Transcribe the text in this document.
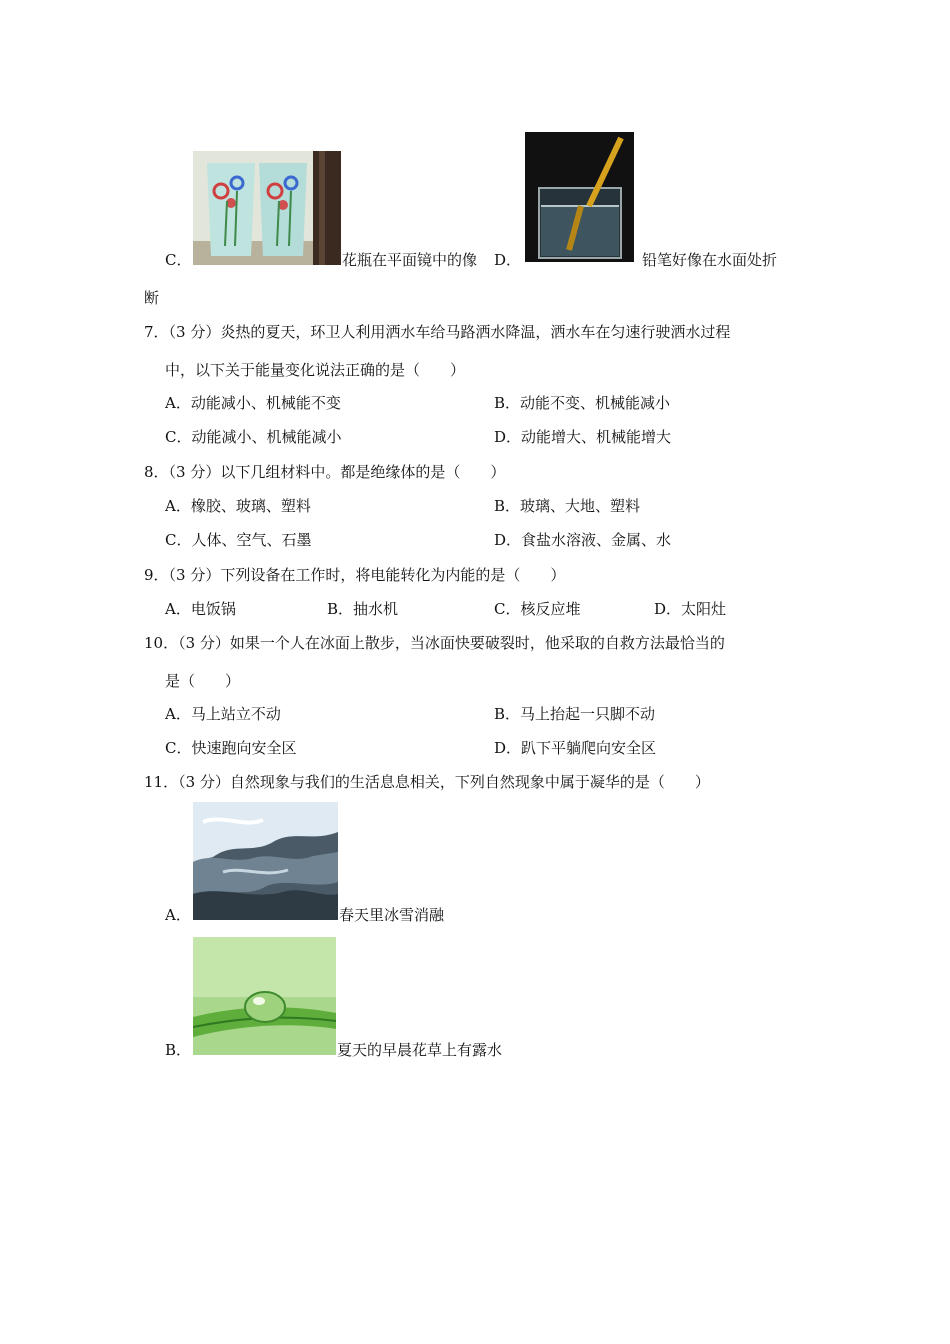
C．	花瓶在平面镜中的像 D．	铅笔好像在水面处折
断
7．（3 分）炎热的夏天，环卫人利用洒水车给马路洒水降温，洒水车在匀速行驶洒水过程
中，以下关于能量变化说法正确的是（　　）
A．动能减小、机械能不变	B．动能不变、机械能减小
C．动能减小、机械能减小	D．动能增大、机械能增大
8．（3 分）以下几组材料中。都是绝缘体的是（　　）
A．橡胶、玻璃、塑料	B．玻璃、大地、塑料
C．人体、空气、石墨	D．食盐水溶液、金属、水
9．（3 分）下列设备在工作时，将电能转化为内能的是（　　）
A．电饭锅	B．抽水机	C．核反应堆	D．太阳灶
10．（3 分）如果一个人在冰面上散步，当冰面快要破裂时，他采取的自救方法最恰当的
是（　　）
A．马上站立不动	B．马上抬起一只脚不动
C．快速跑向安全区	D．趴下平躺爬向安全区
11．（3 分）自然现象与我们的生活息息相关，下列自然现象中属于凝华的是（　　）
A．	春天里冰雪消融
B．	夏天的早晨花草上有露水
